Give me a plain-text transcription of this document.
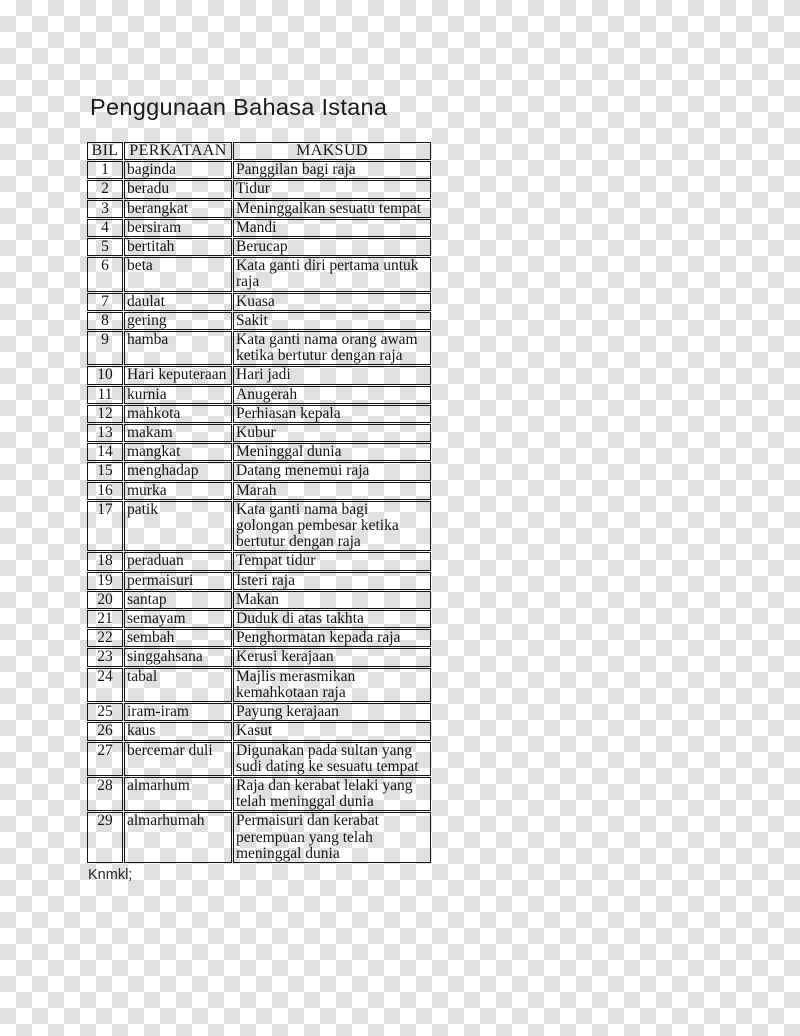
Penggunaan Bahasa Istana
BIL	PERKATAAN	MAKSUD
1	baginda	Panggilan bagi raja
2	beradu	Tidur
3	berangkat	Meninggalkan sesuatu tempat
4	bersiram	Mandi
5	bertitah	Berucap
6	beta	Kata ganti diri pertama untuk raja
7	daulat	Kuasa
8	gering	Sakit
9	hamba	Kata ganti nama orang awam ketika bertutur dengan raja
10	Hari keputeraan	Hari jadi
11	kurnia	Anugerah
12	mahkota	Perhiasan kepala
13	makam	Kubur
14	mangkat	Meninggal dunia
15	menghadap	Datang menemui raja
16	murka	Marah
17	patik	Kata ganti nama bagi golongan pembesar ketika bertutur dengan raja
18	peraduan	Tempat tidur
19	permaisuri	Isteri raja
20	santap	Makan
21	semayam	Duduk di atas takhta
22	sembah	Penghormatan kepada raja
23	singgahsana	Kerusi kerajaan
24	tabal	Majlis merasmikan kemahkotaan raja
25	iram-iram	Payung kerajaan
26	kaus	Kasut
27	bercemar duli	Digunakan pada sultan yang sudi dating ke sesuatu tempat
28	almarhum	Raja dan kerabat lelaki yang telah meninggal dunia
29	almarhumah	Permaisuri dan kerabat perempuan yang telah meninggal dunia
Knmkl;
